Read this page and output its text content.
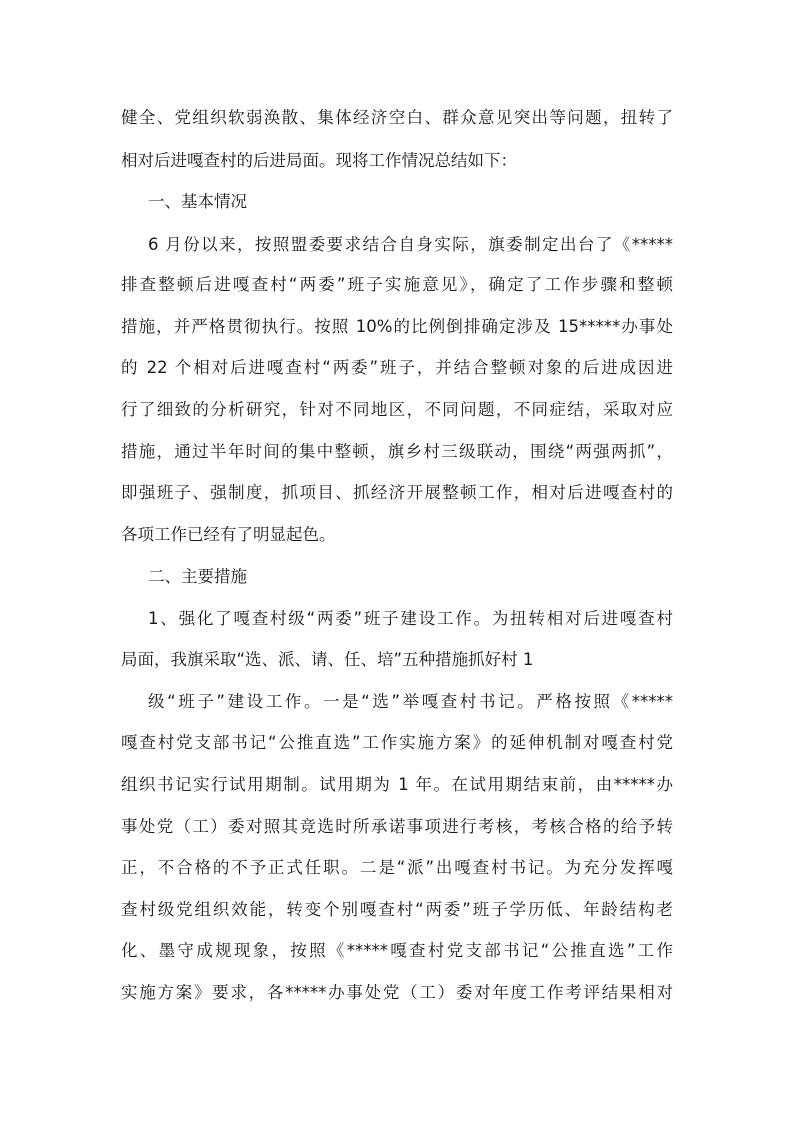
健全、党组织软弱涣散、集体经济空白、群众意见突出等问题，扭转了
相对后进嘎查村的后进局面。现将工作情况总结如下：
一、基本情况
6 月份以来，按照盟委要求结合自身实际，旗委制定出台了《*****
排查整顿后进嘎查村“两委”班子实施意见》，确定了工作步骤和整顿
措施，并严格贯彻执行。按照 10%的比例倒排确定涉及 15*****办事处
的 22 个相对后进嘎查村“两委”班子，并结合整顿对象的后进成因进
行了细致的分析研究，针对不同地区，不同问题，不同症结，采取对应
措施，通过半年时间的集中整顿，旗乡村三级联动，围绕“两强两抓”，
即强班子、强制度，抓项目、抓经济开展整顿工作，相对后进嘎查村的
各项工作已经有了明显起色。
二、主要措施
1、强化了嘎查村级“两委”班子建设工作。为扭转相对后进嘎查村
局面，我旗采取“选、派、请、任、培”五种措施抓好村 1
级“班子”建设工作。一是“选”举嘎查村书记。严格按照《*****
嘎查村党支部书记“公推直选”工作实施方案》的延伸机制对嘎查村党
组织书记实行试用期制。试用期为 1 年。在试用期结束前，由*****办
事处党（工）委对照其竞选时所承诺事项进行考核，考核合格的给予转
正，不合格的不予正式任职。二是“派”出嘎查村书记。为充分发挥嘎
查村级党组织效能，转变个别嘎查村“两委”班子学历低、年龄结构老
化、墨守成规现象，按照《*****嘎查村党支部书记“公推直选”工作
实施方案》要求，各*****办事处党（工）委对年度工作考评结果相对
